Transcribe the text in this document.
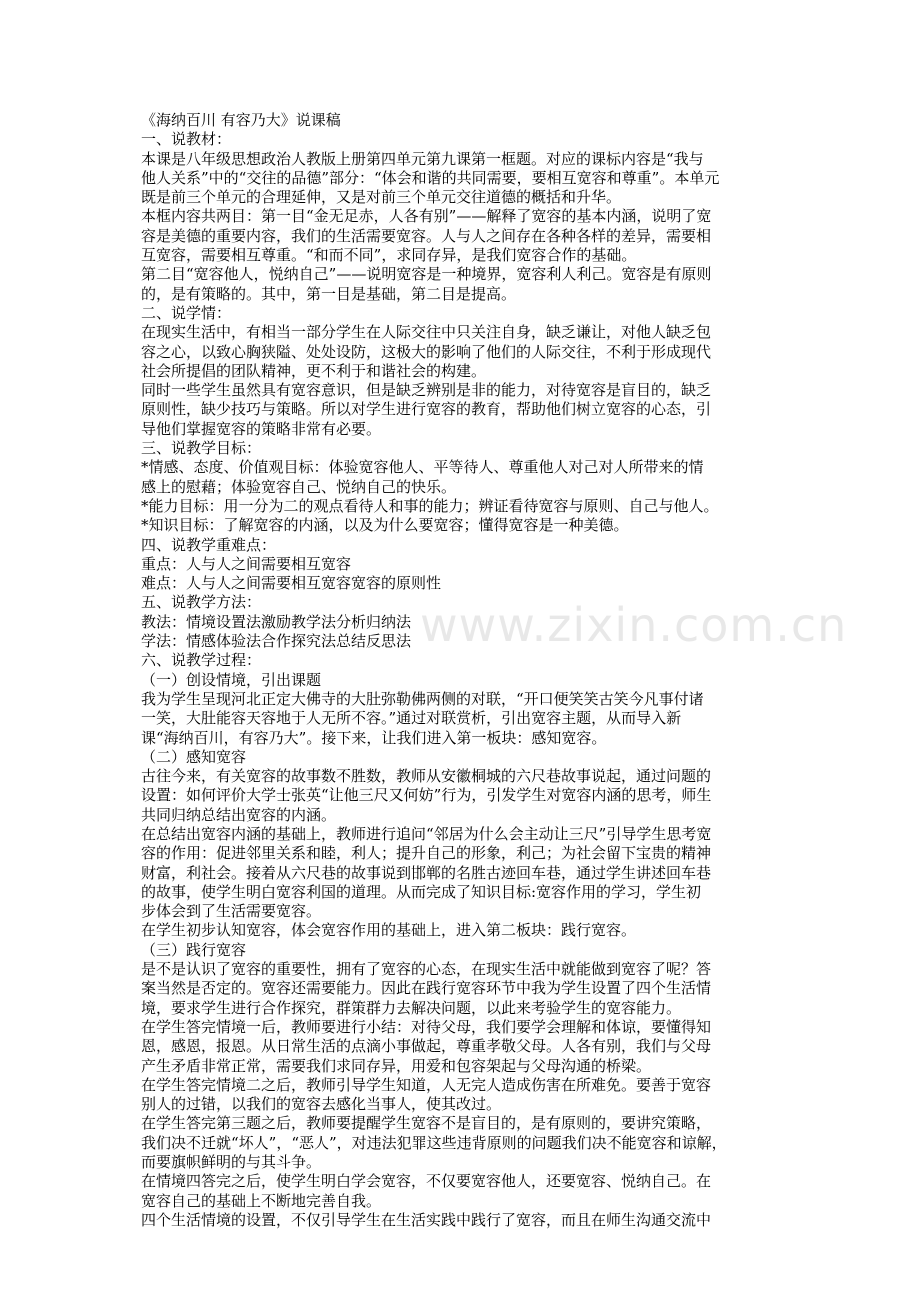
《海纳百川 有容乃大》说课稿
一、说教材：
本课是八年级思想政治人教版上册第四单元第九课第一框题。对应的课标内容是“我与
他人关系”中的“交往的品德”部分：“体会和谐的共同需要，要相互宽容和尊重”。本单元
既是前三个单元的合理延伸，又是对前三个单元交往道德的概括和升华。
本框内容共两目：第一目“金无足赤，人各有别”——解释了宽容的基本内涵，说明了宽
容是美德的重要内容，我们的生活需要宽容。人与人之间存在各种各样的差异，需要相
互宽容，需要相互尊重。“和而不同”，求同存异，是我们宽容合作的基础。
第二目“宽容他人，悦纳自己”——说明宽容是一种境界，宽容利人利己。宽容是有原则
的，是有策略的。其中，第一目是基础，第二目是提高。
二、说学情：
在现实生活中，有相当一部分学生在人际交往中只关注自身，缺乏谦让，对他人缺乏包
容之心，以致心胸狭隘、处处设防，这极大的影响了他们的人际交往，不利于形成现代
社会所提倡的团队精神，更不利于和谐社会的构建。
同时一些学生虽然具有宽容意识，但是缺乏辨别是非的能力，对待宽容是盲目的，缺乏
原则性，缺少技巧与策略。所以对学生进行宽容的教育，帮助他们树立宽容的心态，引
导他们掌握宽容的策略非常有必要。
三、说教学目标：
*情感、态度、价值观目标：体验宽容他人、平等待人、尊重他人对己对人所带来的情
感上的慰藉；体验宽容自己、悦纳自己的快乐。
*能力目标：用一分为二的观点看待人和事的能力；辨证看待宽容与原则、自己与他人。
*知识目标：了解宽容的内涵，以及为什么要宽容；懂得宽容是一种美德。
四、说教学重难点：
重点：人与人之间需要相互宽容
难点：人与人之间需要相互宽容宽容的原则性
五、说教学方法：
教法：情境设置法激励教学法分析归纳法
学法：情感体验法合作探究法总结反思法
六、说教学过程：
（一）创设情境，引出课题
我为学生呈现河北正定大佛寺的大肚弥勒佛两侧的对联，“开口便笑笑古笑今凡事付诸
一笑，大肚能容天容地于人无所不容。”通过对联赏析，引出宽容主题，从而导入新
课“海纳百川，有容乃大”。接下来，让我们进入第一板块：感知宽容。
（二）感知宽容
古往今来，有关宽容的故事数不胜数，教师从安徽桐城的六尺巷故事说起，通过问题的
设置：如何评价大学士张英“让他三尺又何妨”行为，引发学生对宽容内涵的思考，师生
共同归纳总结出宽容的内涵。
在总结出宽容内涵的基础上，教师进行追问“邻居为什么会主动让三尺”引导学生思考宽
容的作用：促进邻里关系和睦，利人；提升自己的形象，利己；为社会留下宝贵的精神
财富，利社会。接着从六尺巷的故事说到邯郸的名胜古迹回车巷，通过学生讲述回车巷
的故事，使学生明白宽容利国的道理。从而完成了知识目标:宽容作用的学习，学生初
步体会到了生活需要宽容。
在学生初步认知宽容，体会宽容作用的基础上，进入第二板块：践行宽容。
（三）践行宽容
是不是认识了宽容的重要性，拥有了宽容的心态，在现实生活中就能做到宽容了呢？答
案当然是否定的。宽容还需要能力。因此在践行宽容环节中我为学生设置了四个生活情
境，要求学生进行合作探究，群策群力去解决问题，以此来考验学生的宽容能力。
在学生答完情境一后，教师要进行小结：对待父母，我们要学会理解和体谅，要懂得知
恩，感恩，报恩。从日常生活的点滴小事做起，尊重孝敬父母。人各有别，我们与父母
产生矛盾非常正常，需要我们求同存异，用爱和包容架起与父母沟通的桥梁。
在学生答完情境二之后，教师引导学生知道，人无完人造成伤害在所难免。要善于宽容
别人的过错，以我们的宽容去感化当事人，使其改过。
在学生答完第三题之后，教师要提醒学生宽容不是盲目的，是有原则的，要讲究策略，
我们决不迁就“坏人”，“恶人”，对违法犯罪这些违背原则的问题我们决不能宽容和谅解，
而要旗帜鲜明的与其斗争。
在情境四答完之后，使学生明白学会宽容，不仅要宽容他人，还要宽容、悦纳自己。在
宽容自己的基础上不断地完善自我。
四个生活情境的设置，不仅引导学生在生活实践中践行了宽容，而且在师生沟通交流中
www.zixin.com.cn
